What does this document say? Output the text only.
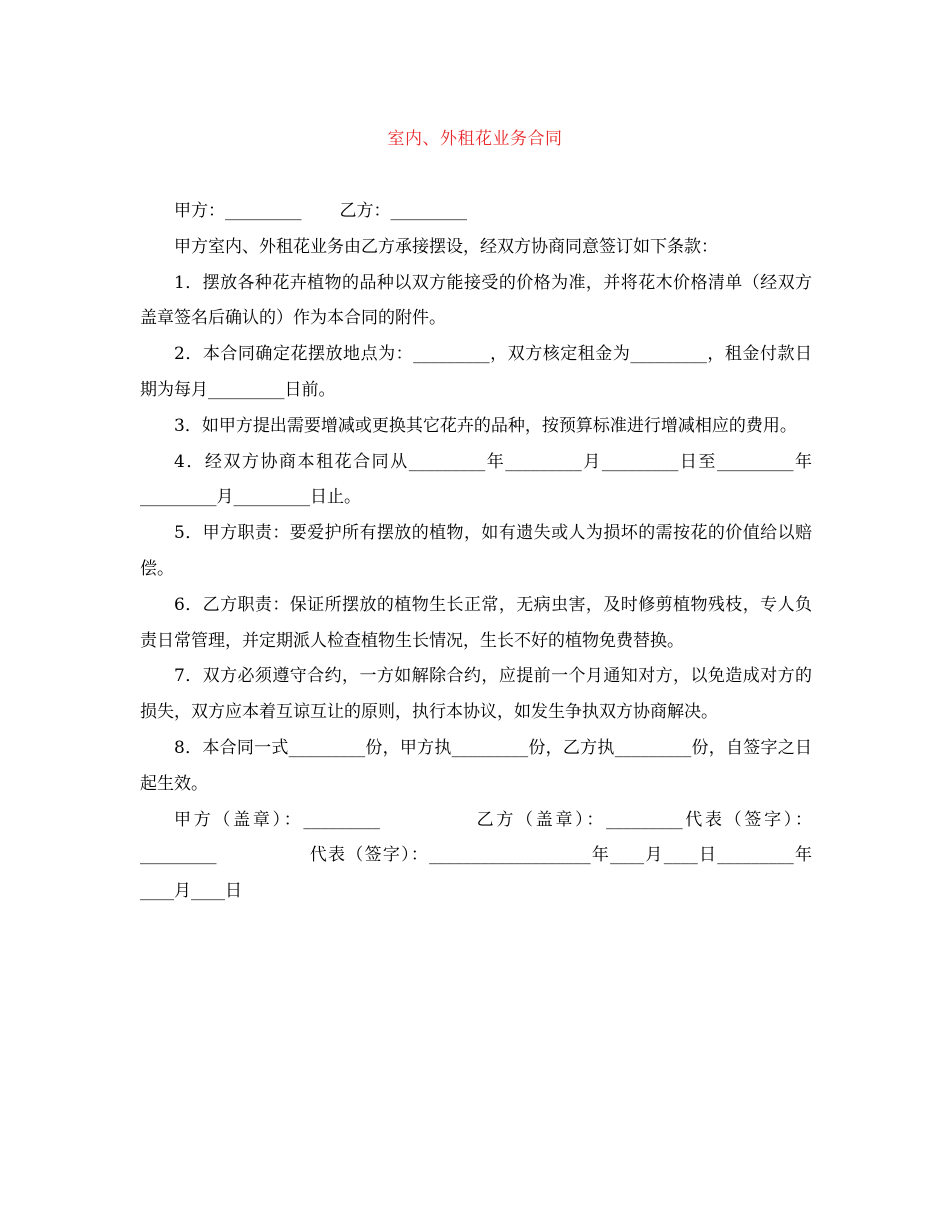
室内、外租花业务合同

甲方：_________ 乙方：_________

甲方室内、外租花业务由乙方承接摆设，经双方协商同意签订如下条款：

1．摆放各种花卉植物的品种以双方能接受的价格为准，并将花木价格清单（经双方盖章签名后确认的）作为本合同的附件。

2．本合同确定花摆放地点为：_________，双方核定租金为_________，租金付款日期为每月_________日前。

3．如甲方提出需要增减或更换其它花卉的品种，按预算标准进行增减相应的费用。

4．经双方协商本租花合同从_________年_________月_________日至_________年_________月_________日止。

5．甲方职责：要爱护所有摆放的植物，如有遗失或人为损坏的需按花的价值给以赔偿。

6．乙方职责：保证所摆放的植物生长正常，无病虫害，及时修剪植物残枝，专人负责日常管理，并定期派人检查植物生长情况，生长不好的植物免费替换。

7．双方必须遵守合约，一方如解除合约，应提前一个月通知对方，以免造成对方的损失，双方应本着互谅互让的原则，执行本协议，如发生争执双方协商解决。

8．本合同一式_________份，甲方执_________份，乙方执_________份，自签字之日起生效。

甲方（盖章）：_________	乙方（盖章）：_________代表（签字）：_________	代表（签字）：___________________年____月____日_________年____月____日
